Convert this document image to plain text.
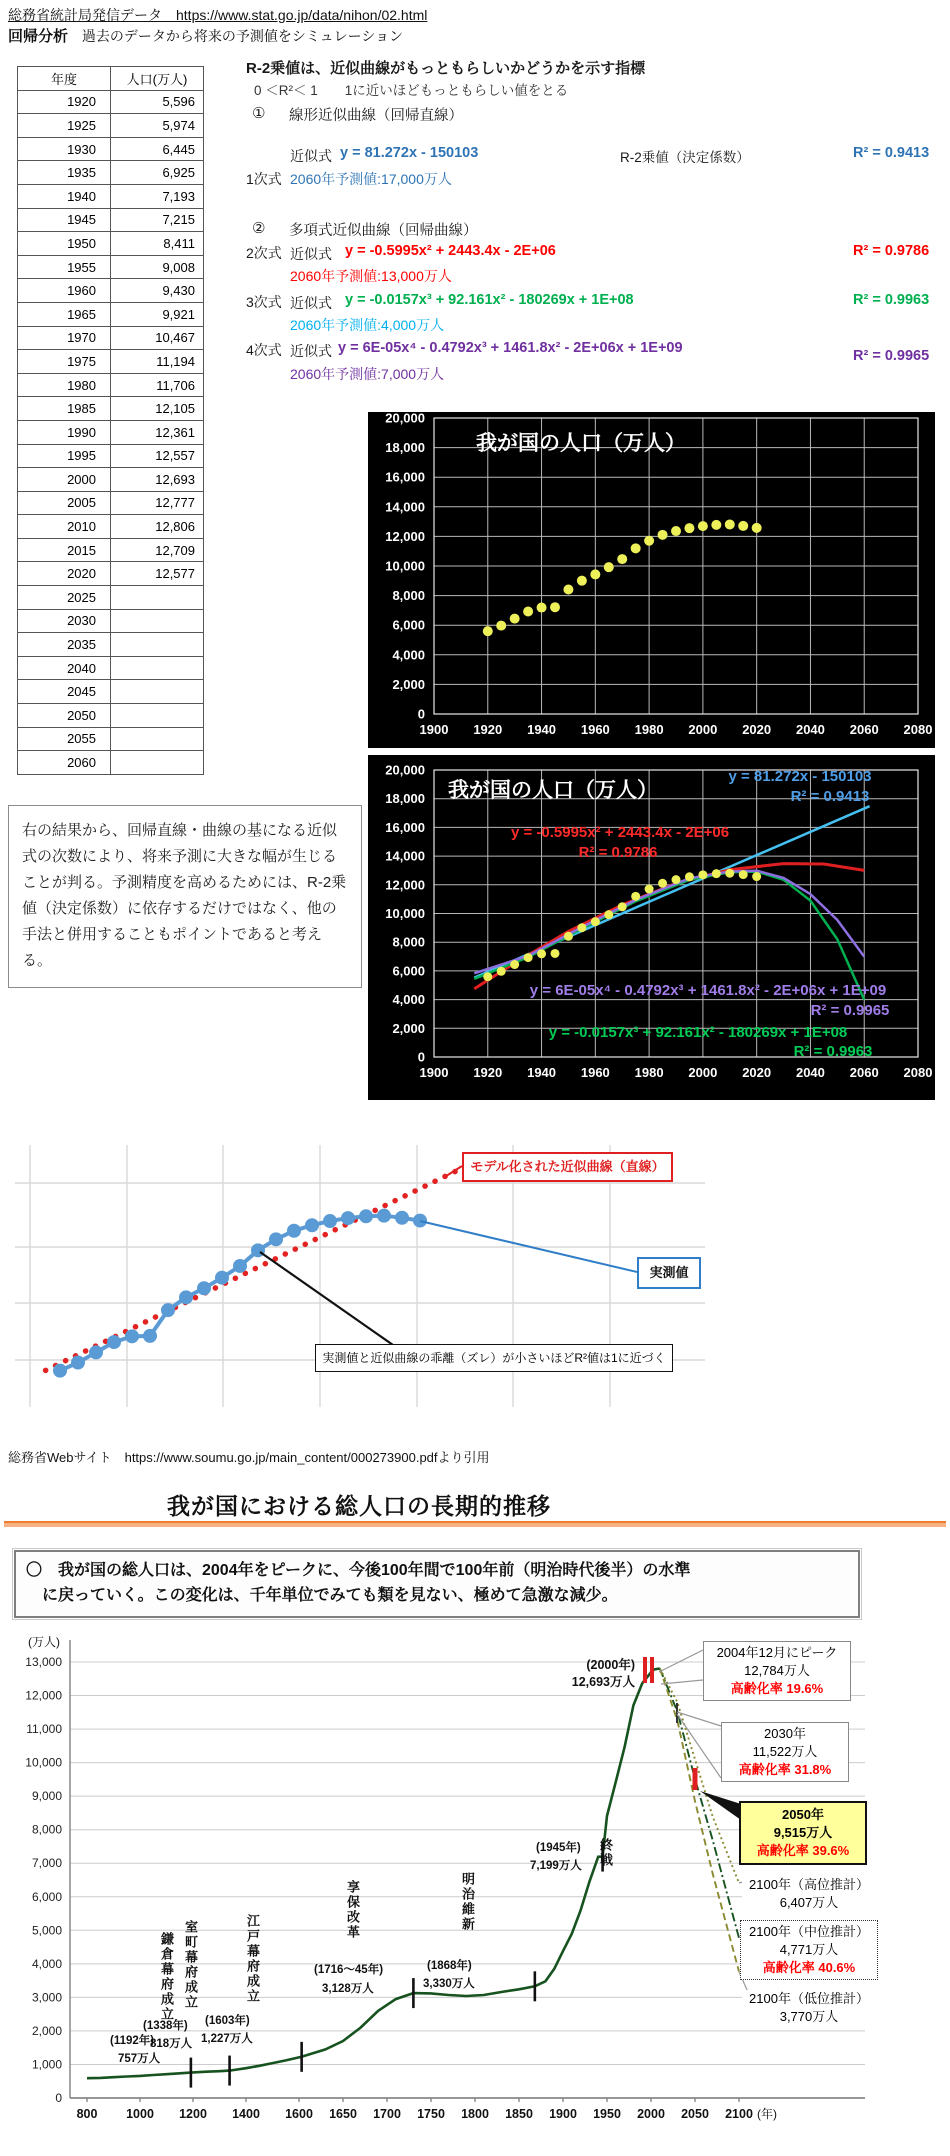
総務省統計局発信データ　https://www.stat.go.jp/data/nihon/02.html
回帰分析 過去のデータから将来の予測値をシミュレーション
年度	人口(万人)
1920	5,596
1925	5,974
1930	6,445
1935	6,925
1940	7,193
1945	7,215
1950	8,411
1955	9,008
1960	9,430
1965	9,921
1970	10,467
1975	11,194
1980	11,706
1985	12,105
1990	12,361
1995	12,557
2000	12,693
2005	12,777
2010	12,806
2015	12,709
2020	12,577
2025	
2030	
2035	
2040	
2045	
2050	
2055	
2060	
R-2乗値は、近似曲線がもっともらしいかどうかを示す指標
0 ＜R²＜ 1　　1に近いほどもっともらしい値をとる
① 線形近似曲線（回帰直線）
近似式 y = 81.272x - 150103	R-2乗値（決定係数）	R² = 0.9413
1次式 2060年予測値:17,000万人
② 多項式近似曲線（回帰曲線）
2次式 近似式 y = -0.5995x² + 2443.4x - 2E+06	R² = 0.9786
2060年予測値:13,000万人
3次式 近似式 y = -0.0157x³ + 92.161x² - 180269x + 1E+08	R² = 0.9963
2060年予測値:4,000万人
4次式 近似式 y = 6E-05x⁴ - 0.4792x³ + 1461.8x² - 2E+06x + 1E+09	R² = 0.9965
2060年予測値:7,000万人
1900 1920 1940 1960 1980 2000 2020 2040 2060 2080
0
2,000
4,000
6,000
8,000
10,000
12,000
14,000
16,000
18,000
20,000
我が国の人口（万人）
1900 1920 1940 1960 1980 2000 2020 2040 2060 2080
0
2,000
4,000
6,000
8,000
10,000
12,000
14,000
16,000
18,000
20,000
我が国の人口（万人）
y = 81.272x - 150103
R² = 0.9413
y = -0.5995x² + 2443.4x - 2E+06
R² = 0.9786
y = 6E-05x⁴ - 0.4792x³ + 1461.8x² - 2E+06x + 1E+09
R² = 0.9965
y = -0.0157x³ + 92.161x² - 180269x + 1E+08
R² = 0.9963
右の結果から、回帰直線・曲線の基になる近似式の次数により、将来予測に大きな幅が生じることが判る。予測精度を高めるためには、R-2乗値（決定係数）に依存するだけではなく、他の手法と併用することもポイントであると考える。
モデル化された近似曲線（直線）
実測値
実測値と近似曲線の乖離（ズレ）が小さいほどR²値は1に近づく
総務省Webサイト　https://www.soumu.go.jp/main_content/000273900.pdfより引用
我が国における総人口の長期的推移
〇　我が国の総人口は、2004年をピークに、今後100年間で100年前（明治時代後半）の水準
　に戻っていく。この変化は、千年単位でみても類を見ない、極めて急激な減少。
0
1,000
2,000
3,000
4,000
5,000
6,000
7,000
8,000
9,000
10,000
11,000
12,000
13,000
800 1000 1200 1400 1600 1650 1700 1750 1800 1850 1900 1950 2000 2050 2100
(万人)
(年)
(2000年)
12,693万人
2004年12月にピーク
12,784万人
高齢化率 19.6%
2030年
11,522万人
高齢化率 31.8%
2050年
9,515万人
高齢化率 39.6%
2100年（高位推計）
6,407万人
2100年（中位推計）
4,771万人
高齢化率 40.6%
2100年（低位推計）
3,770万人
鎌倉幕府成立
(1192年)
757万人
室町幕府成立
(1338年)
818万人
江戸幕府成立
(1603年)
1,227万人
享保改革
(1716～45年)
3,128万人
明治維新
(1868年)
3,330万人
終戦
(1945年)
7,199万人
